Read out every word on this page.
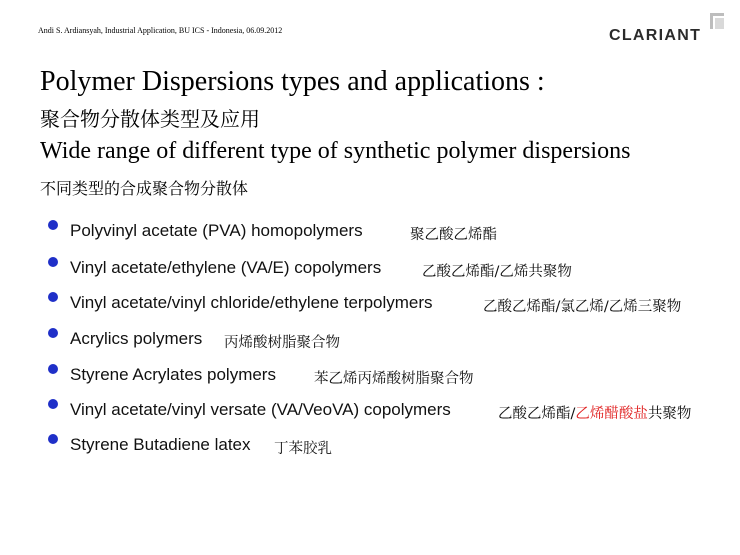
Andi S. Ardiansyah, Industrial Application, BU ICS - Indonesia, 06.09.2012	CLARIANT
Polymer Dispersions types and applications :
聚合物分散体类型及应用
Wide range of different type of synthetic polymer dispersions
不同类型的合成聚合物分散体
Polyvinyl acetate (PVA) homopolymers	聚乙酸乙烯酯
Vinyl acetate/ethylene (VA/E) copolymers	乙酸乙烯酯/乙烯共聚物
Vinyl acetate/vinyl chloride/ethylene terpolymers	乙酸乙烯酯/氯乙烯/乙烯三聚物
Acrylics polymers 丙烯酸树脂聚合物
Styrene Acrylates polymers	苯乙烯丙烯酸树脂聚合物
Vinyl acetate/vinyl versate (VA/VeoVA) copolymers	乙酸乙烯酯/乙烯醋酸盐共聚物
Styrene Butadiene latex 丁苯胶乳
